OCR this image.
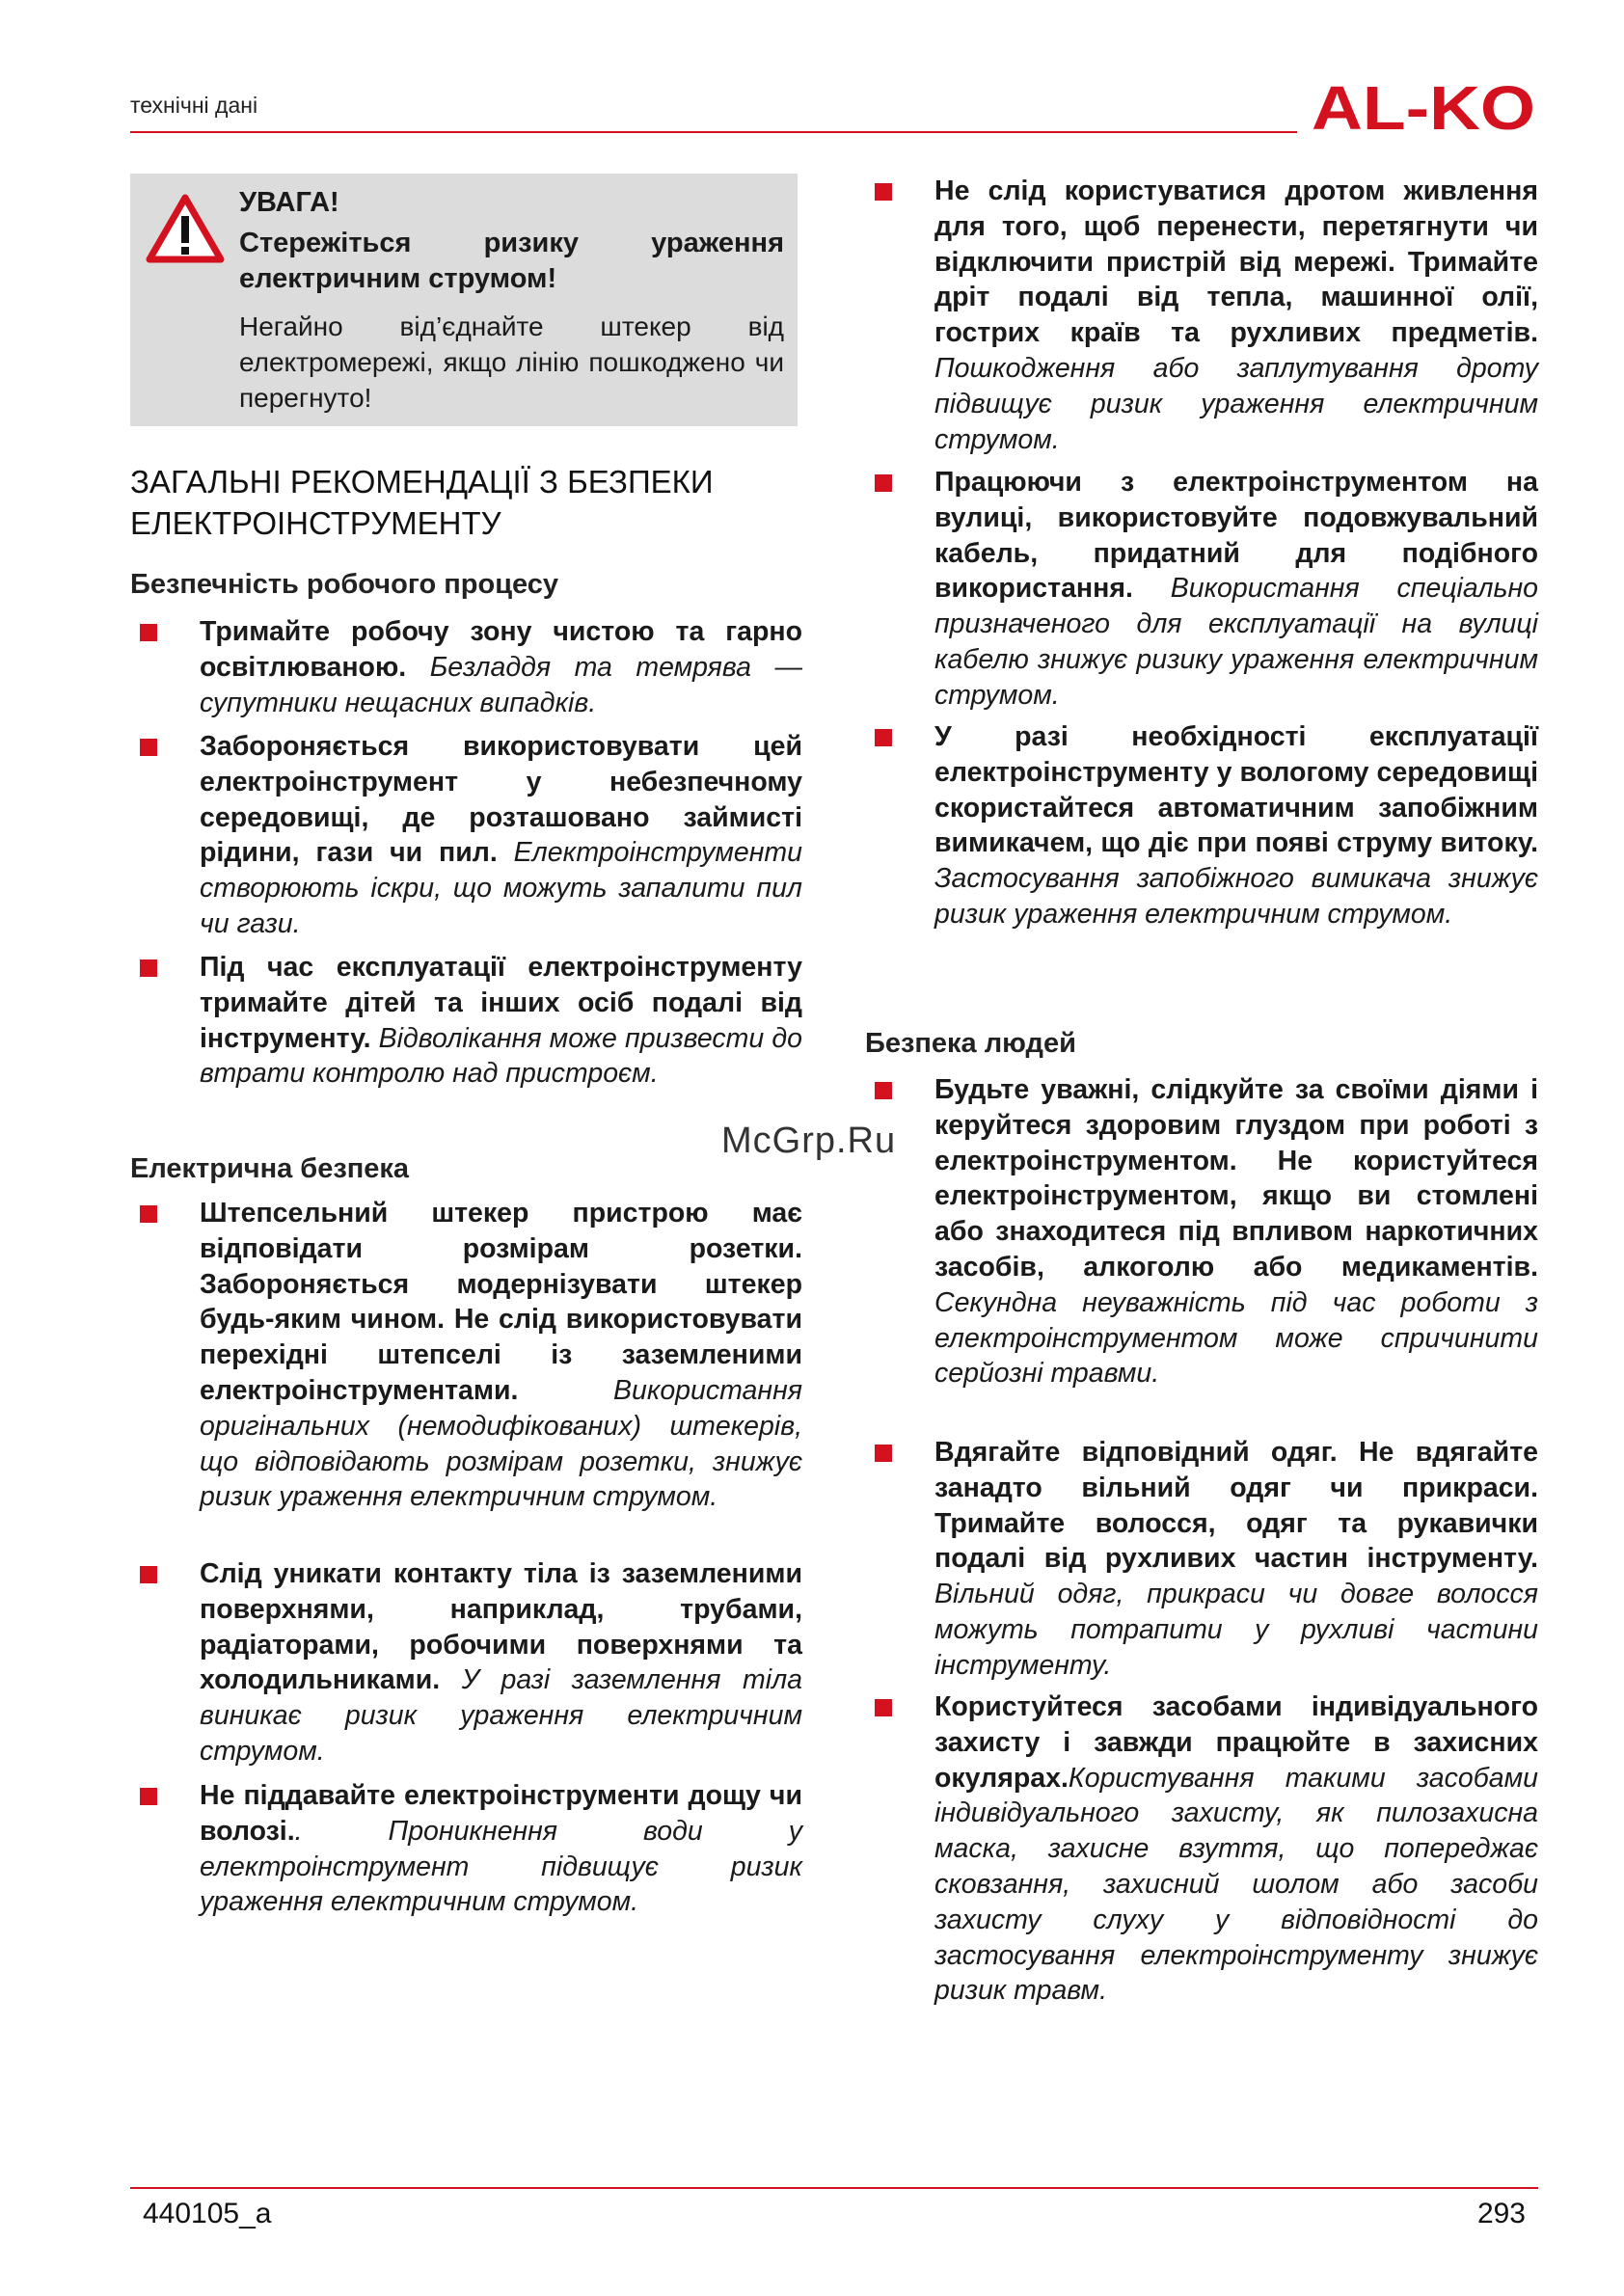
технічні дані	AL-KO
УВАГА!
Стережіться ризику ураження електричним струмом!
Негайно від’єднайте штекер від електромережі, якщо лінію пошкоджено чи перегнуто!
ЗАГАЛЬНІ РЕКОМЕНДАЦІЇ З БЕЗПЕКИ ЕЛЕКТРОІНСТРУМЕНТУ
Безпечність робочого процесу
Тримайте робочу зону чистою та гарно освітлюваною. Безладдя та темрява — супутники нещасних випадків.
Забороняється використовувати цей електроінструмент у небезпечному середовищі, де розташовано займисті рідини, гази чи пил. Електроінструменти створюють іскри, що можуть запалити пил чи гази.
Під час експлуатації електроінструменту тримайте дітей та інших осіб подалі від інструменту. Відволікання може призвести до втрати контролю над пристроєм.
Електрична безпека
Штепсельний штекер пристрою має відповідати розмірам розетки. Забороняється модернізувати штекер будь-яким чином. Не слід використовувати перехідні штепселі із заземленими електроінструментами.	Використання оригінальних (немодифікованих) штекерів, що відповідають розмірам розетки, знижує ризик ураження електричним струмом.
Слід уникати контакту тіла із заземленими поверхнями, наприклад, трубами, радіаторами, робочими поверхнями та холодильниками. У разі заземлення тіла виникає ризик ураження електричним струмом.
Не піддавайте електроінструменти дощу чи волозі.. Проникнення води у електроінструмент підвищує ризик ураження електричним струмом.
Не слід користуватися дротом живлення для того, щоб перенести, перетягнути чи відключити пристрій від мережі. Тримайте дріт подалі від тепла, машинної олії, гострих країв та рухливих предметів. Пошкодження або заплутування дроту підвищує ризик ураження електричним струмом.
Працюючи з електроінструментом на вулиці, використовуйте подовжувальний кабель, придатний для подібного використання. Використання спеціально призначеного для експлуатації на вулиці кабелю знижує ризику ураження електричним струмом.
У разі необхідності експлуатації електроінструменту у вологому середовищі скористайтеся автоматичним запобіжним вимикачем, що діє при появі струму витоку. Застосування запобіжного вимикача знижує ризик ураження електричним струмом.
Безпека людей
Будьте уважні, слідкуйте за своїми діями і керуйтеся здоровим глуздом при роботі з електроінструментом. Не користуйтеся електроінструментом, якщо ви стомлені або знаходитеся під впливом наркотичних засобів, алкоголю або медикаментів. Секундна неуважність під час роботи з електроінструментом може спричинити серйозні травми.
Вдягайте відповідний одяг. Не вдягайте занадто вільний одяг чи прикраси. Тримайте волосся, одяг та рукавички подалі від рухливих частин інструменту. Вільний одяг, прикраси чи довге волосся можуть потрапити у рухливі частини інструменту.
Користуйтеся засобами індивідуального захисту і завжди працюйте в захисних окулярах.Користування такими засобами індивідуального захисту, як пилозахисна маска, захисне взуття, що попереджає сковзання, захисний шолом або засоби захисту слуху у відповідності до застосування електроінструменту знижує ризик травм.
McGrp.Ru
440105_a	293
